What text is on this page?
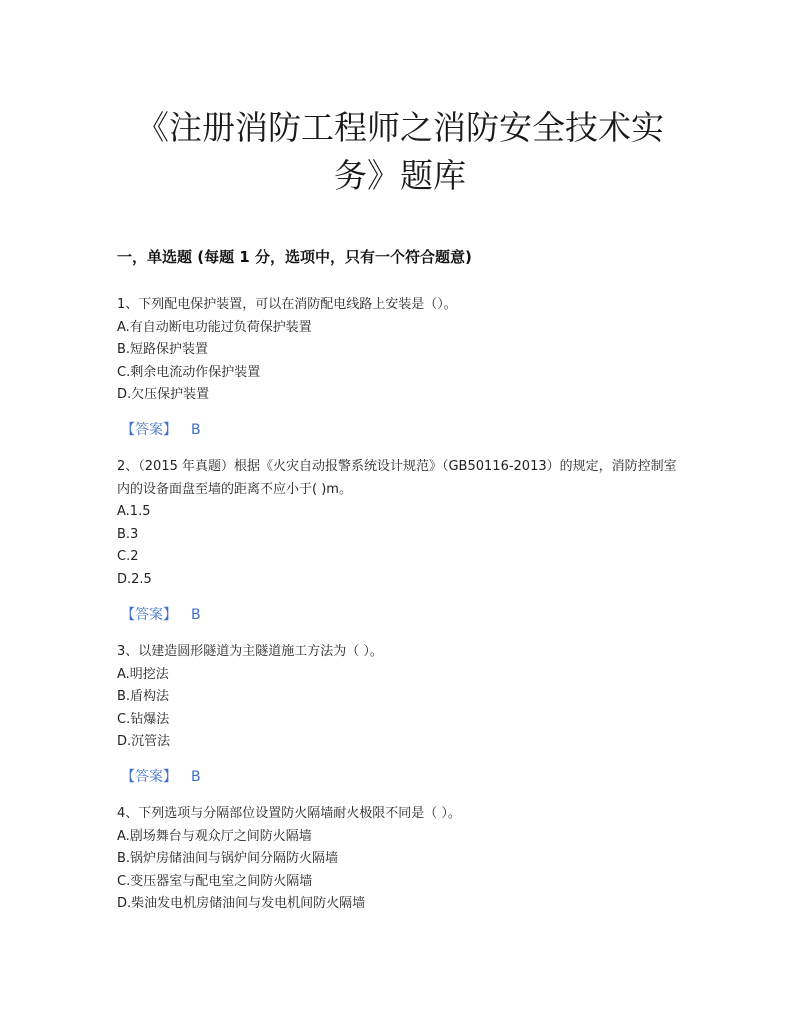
《注册消防工程师之消防安全技术实
务》题库
一，单选题 (每题 1 分，选项中，只有一个符合题意)

1、下列配电保护装置，可以在消防配电线路上安装是（）。

A.有自动断电功能过负荷保护装置

B.短路保护装置

C.剩余电流动作保护装置

D.欠压保护装置

【答案】 B

2、（2015 年真题）根据《火灾自动报警系统设计规范》（GB50116-2013）的规定，消防控制室内的设备面盘至墙的距离不应小于( )m。

A.1.5

B.3

C.2

D.2.5

【答案】 B

3、以建造圆形隧道为主隧道施工方法为（ ）。

A.明挖法

B.盾构法

C.钻爆法

D.沉管法

【答案】 B

4、下列选项与分隔部位设置防火隔墙耐火极限不同是（ ）。

A.剧场舞台与观众厅之间防火隔墙

B.锅炉房储油间与锅炉间分隔防火隔墙

C.变压器室与配电室之间防火隔墙

D.柴油发电机房储油间与发电机间防火隔墙
